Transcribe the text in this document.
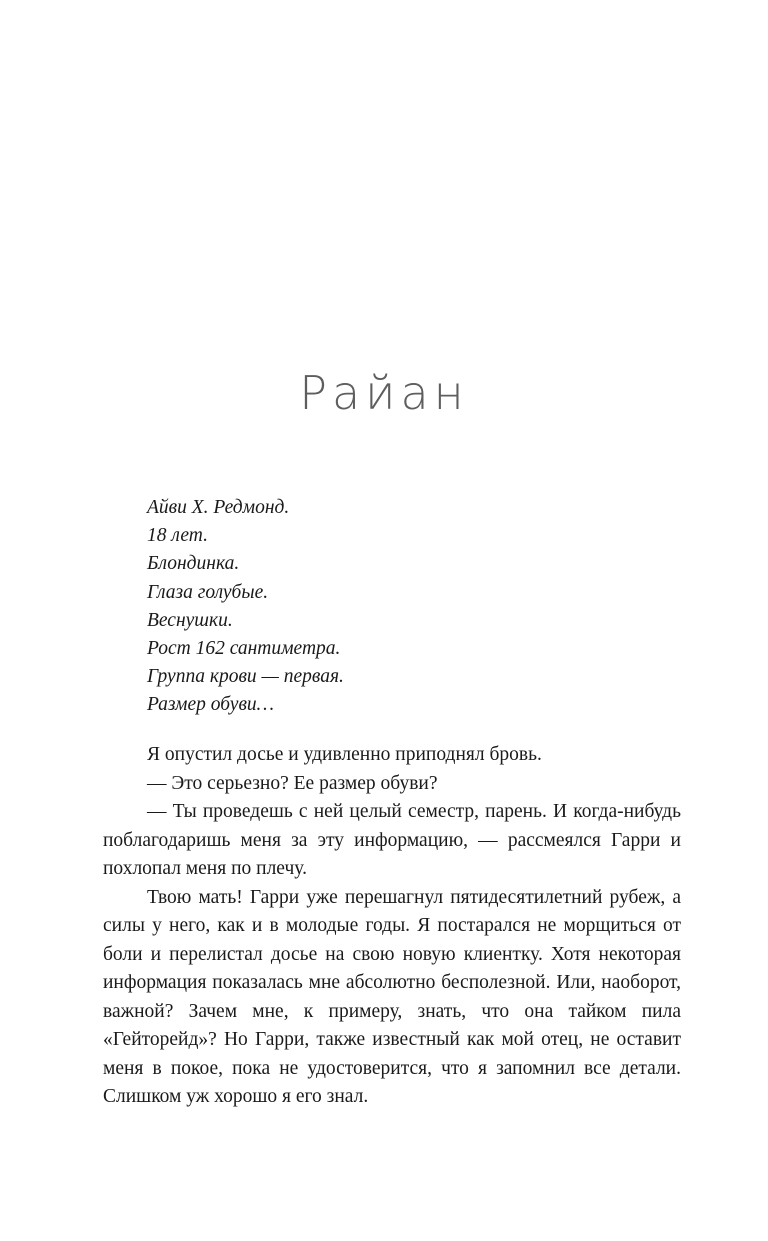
Райан
Айви Х. Редмонд.
18 лет.
Блондинка.
Глаза голубые.
Веснушки.
Рост 162 сантиметра.
Группа крови — первая.
Размер обуви…

Я опустил досье и удивленно приподнял бровь.

— Это серьезно? Ее размер обуви?

— Ты проведешь с ней целый семестр, парень. И когда-нибудь поблагодаришь меня за эту информацию, — рассмеялся Гарри и похлопал меня по плечу.

Твою мать! Гарри уже перешагнул пятидесятилетний рубеж, а силы у него, как и в молодые годы. Я постарался не морщиться от боли и перелистал досье на свою новую клиентку. Хотя некоторая информация показалась мне абсолютно бесполезной. Или, наоборот, важной? Зачем мне, к примеру, знать, что она тайком пила «Гейторейд»? Но Гарри, также известный как мой отец, не оставит меня в покое, пока не удостоверится, что я запомнил все детали. Слишком уж хорошо я его знал.
